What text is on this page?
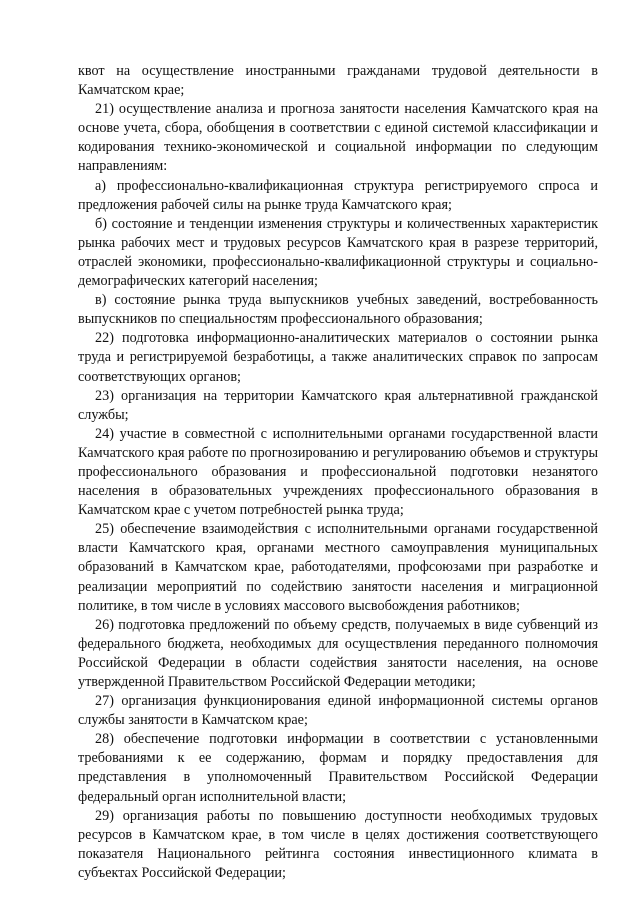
квот на осуществление иностранными гражданами трудовой деятельности в Камчатском крае;

21) осуществление анализа и прогноза занятости населения Камчатского края на основе учета, сбора, обобщения в соответствии с единой системой классификации и кодирования технико-экономической и социальной информации по следующим направлениям:

а) профессионально-квалификационная структура регистрируемого спроса и предложения рабочей силы на рынке труда Камчатского края;

б) состояние и тенденции изменения структуры и количественных характеристик рынка рабочих мест и трудовых ресурсов Камчатского края в разрезе территорий, отраслей экономики, профессионально-квалификационной структуры и социально-демографических категорий населения;

в) состояние рынка труда выпускников учебных заведений, востребованность выпускников по специальностям профессионального образования;

22) подготовка информационно-аналитических материалов о состоянии рынка труда и регистрируемой безработицы, а также аналитических справок по запросам соответствующих органов;

23) организация на территории Камчатского края альтернативной гражданской службы;

24) участие в совместной с исполнительными органами государственной власти Камчатского края работе по прогнозированию и регулированию объемов и структуры профессионального образования и профессиональной подготовки незанятого населения в образовательных учреждениях профессионального образования в Камчатском крае с учетом потребностей рынка труда;

25) обеспечение взаимодействия с исполнительными органами государственной власти Камчатского края, органами местного самоуправления муниципальных образований в Камчатском крае, работодателями, профсоюзами при разработке и реализации мероприятий по содействию занятости населения и миграционной политике, в том числе в условиях массового высвобождения работников;

26) подготовка предложений по объему средств, получаемых в виде субвенций из федерального бюджета, необходимых для осуществления переданного полномочия Российской Федерации в области содействия занятости населения, на основе утвержденной Правительством Российской Федерации методики;

27) организация функционирования единой информационной системы органов службы занятости в Камчатском крае;

28) обеспечение подготовки информации в соответствии с установленными требованиями к ее содержанию, формам и порядку предоставления для представления в уполномоченный Правительством Российской Федерации федеральный орган исполнительной власти;

29) организация работы по повышению доступности необходимых трудовых ресурсов в Камчатском крае, в том числе в целях достижения соответствующего показателя Национального рейтинга состояния инвестиционного климата в субъектах Российской Федерации;
